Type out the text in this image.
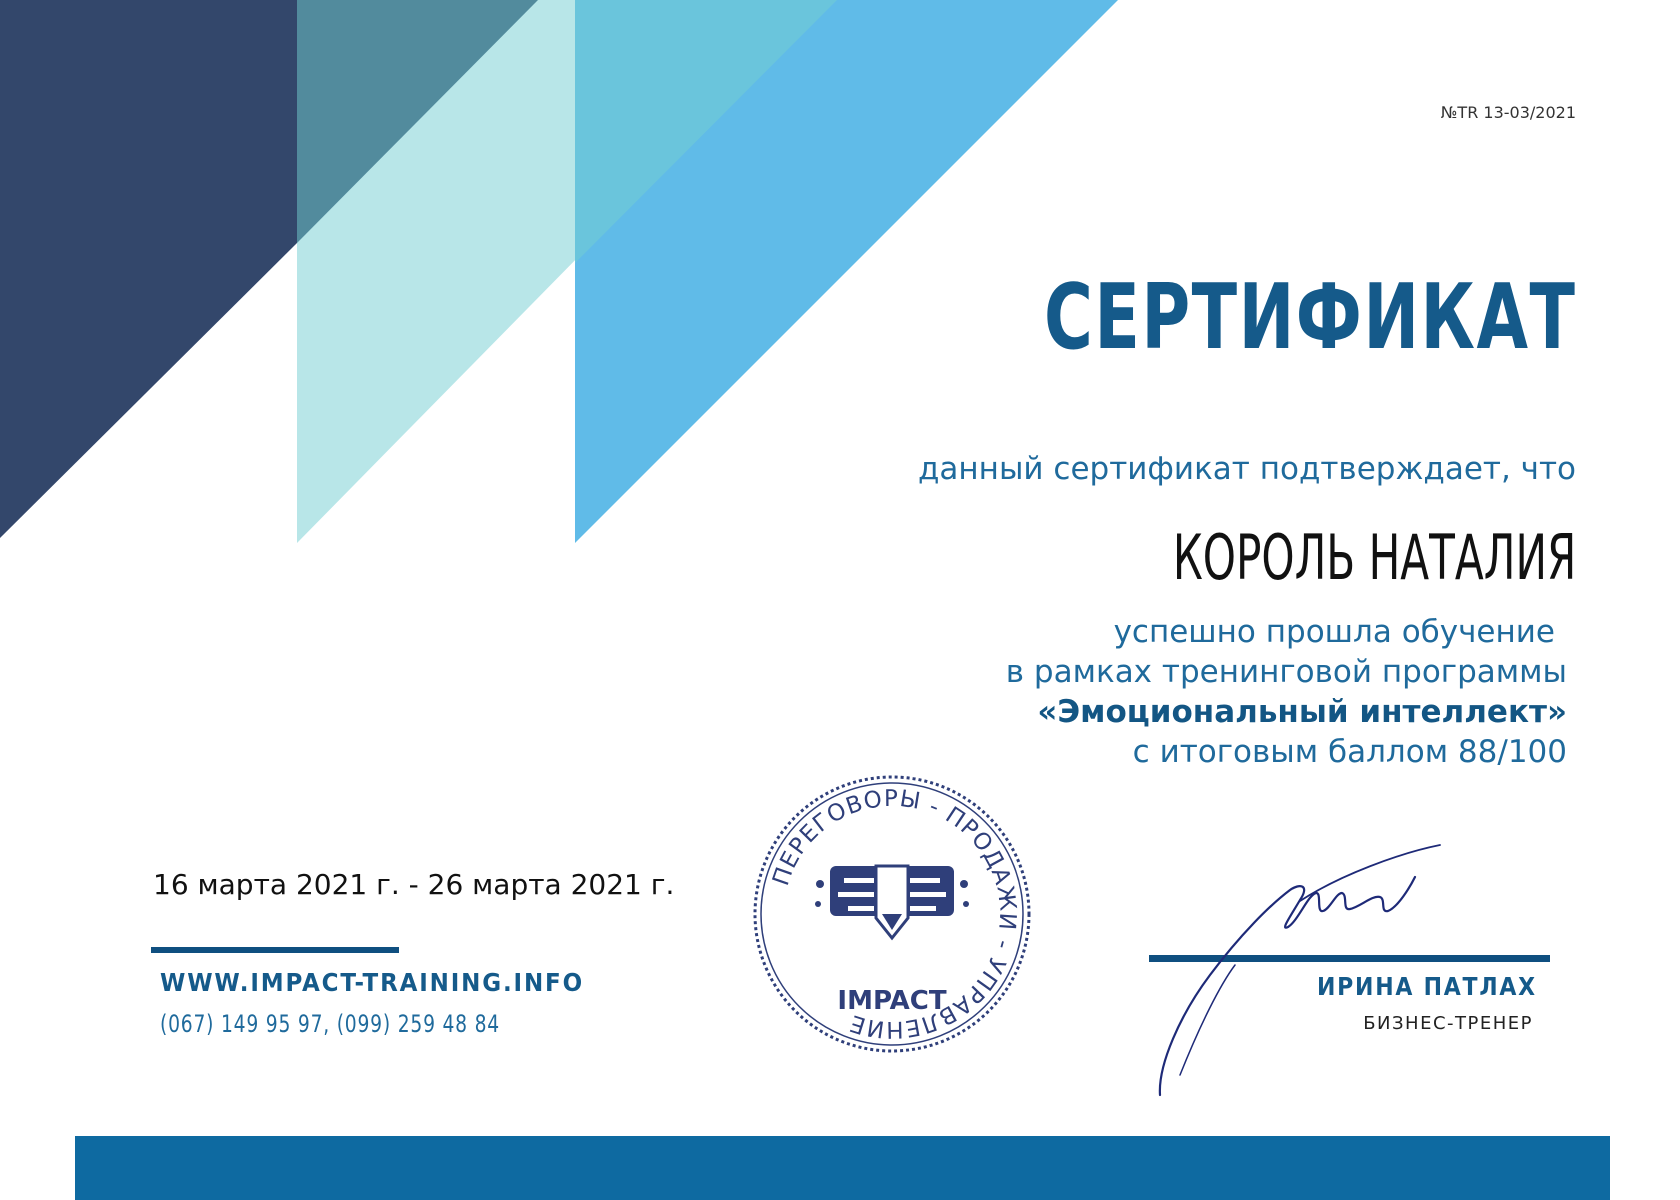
№TR 13-03/2021
СЕРТИФИКАТ
данный сертификат подтверждает, что
КОРОЛЬ НАТАЛИЯ
успешно прошла обучение
в рамках тренинговой программы
«Эмоциональный интеллект»
с итоговым баллом 88/100
16 марта 2021 г. - 26 марта 2021 г.
WWW.IMPACT-TRAINING.INFO
(067) 149 95 97, (099) 259 48 84
ПЕРЕГОВОРЫ - ПРОДАЖИ - УПРАВЛЕНИЕ
IMPACT	ИРИНА ПАТЛАХ
БИЗНЕС-ТРЕНЕР
